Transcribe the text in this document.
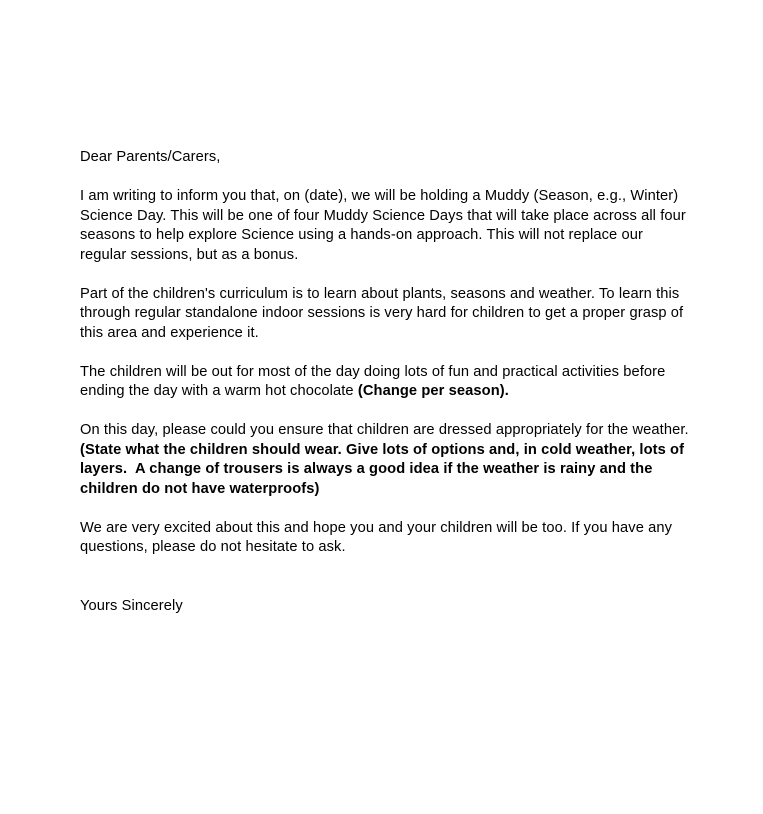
Dear Parents/Carers,
I am writing to inform you that, on (date), we will be holding a Muddy (Season, e.g., Winter)
Science Day. This will be one of four Muddy Science Days that will take place across all four
seasons to help explore Science using a hands-on approach. This will not replace our
regular sessions, but as a bonus.
Part of the children's curriculum is to learn about plants, seasons and weather. To learn this
through regular standalone indoor sessions is very hard for children to get a proper grasp of
this area and experience it.
The children will be out for most of the day doing lots of fun and practical activities before
ending the day with a warm hot chocolate (Change per season).
On this day, please could you ensure that children are dressed appropriately for the weather.
(State what the children should wear. Give lots of options and, in cold weather, lots of
layers.  A change of trousers is always a good idea if the weather is rainy and the
children do not have waterproofs)
We are very excited about this and hope you and your children will be too. If you have any
questions, please do not hesitate to ask.
Yours Sincerely
